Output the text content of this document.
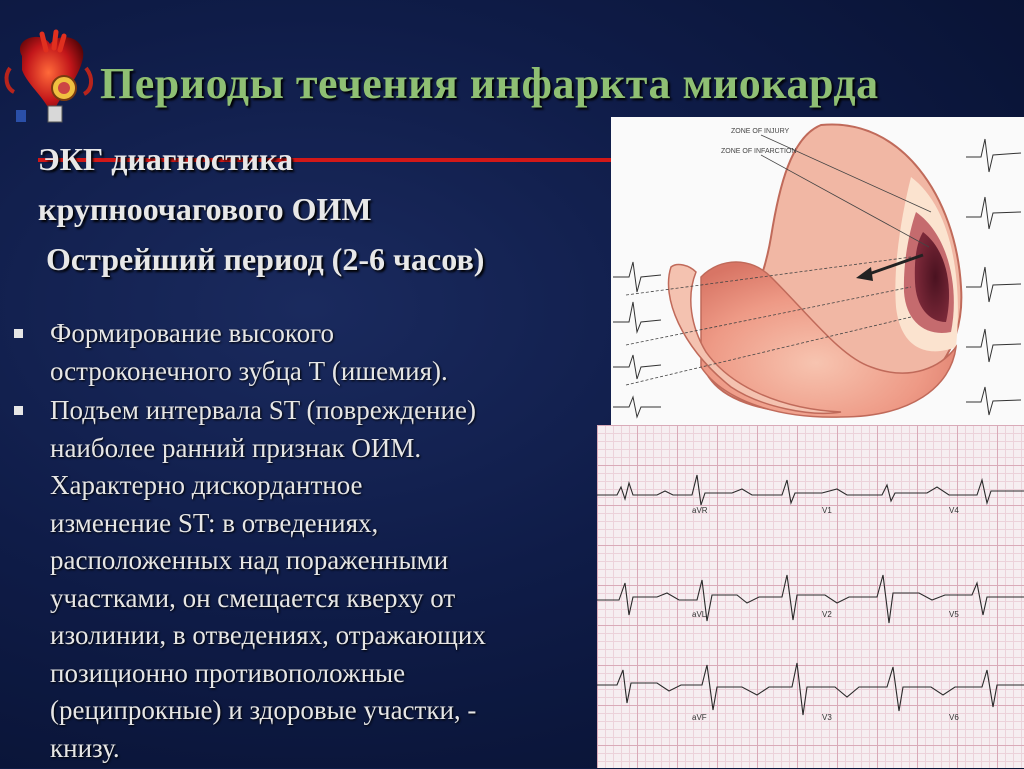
Периоды течения инфаркта миокарда
ЭКГ диагностика
крупноочагового ОИМ
Острейший период (2-6 часов)
Формирование высокого
остроконечного зубца Т (ишемия).
Подъем интервала ST (повреждение)
наиболее ранний признак ОИМ.
Характерно дискордантное
изменение ST: в отведениях,
расположенных над пораженными
участками, он смещается кверху от
изолинии, в отведениях, отражающих
позиционно противоположные
(реципрокные) и здоровые участки, -
книзу.
ZONE OF INJURY
ZONE OF INFARCTION
aVR	V1	V4
aVL	V2	V5
aVF	V3	V6
